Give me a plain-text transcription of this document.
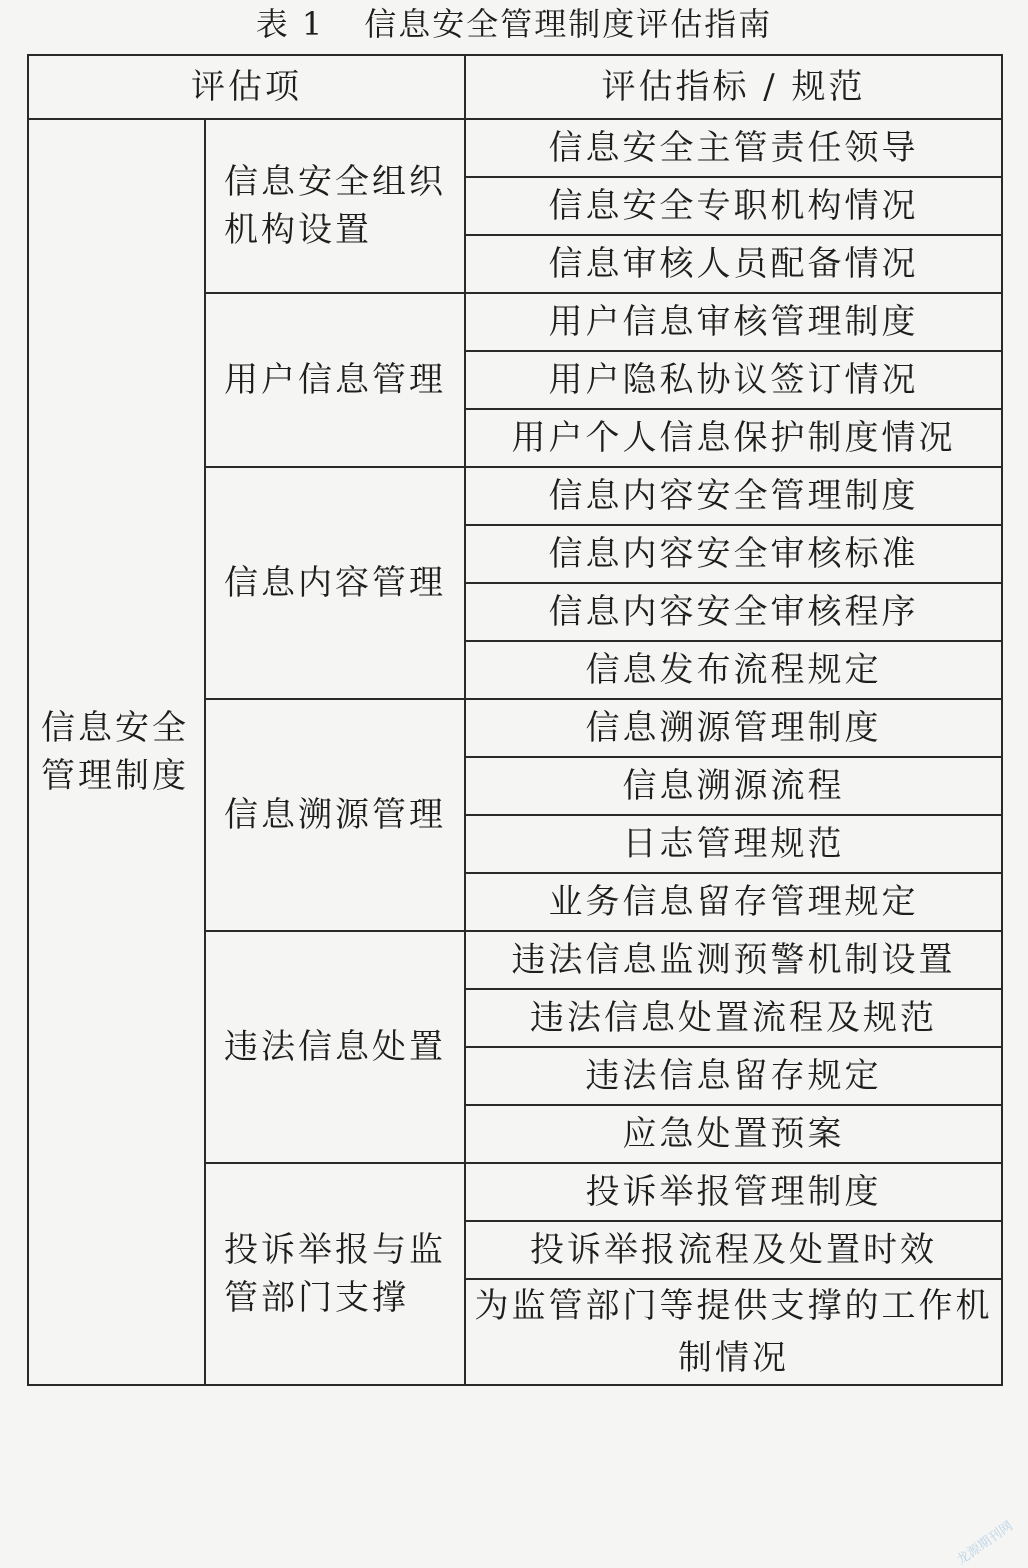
表 1 信息安全管理制度评估指南
评估项		评估指标 / 规范
信息安全管理制度	信息安全组织机构设置	信息安全主管责任领导
		信息安全专职机构情况
		信息审核人员配备情况
	用户信息管理	用户信息审核管理制度
		用户隐私协议签订情况
		用户个人信息保护制度情况
	信息内容管理	信息内容安全管理制度
		信息内容安全审核标准
		信息内容安全审核程序
		信息发布流程规定
	信息溯源管理	信息溯源管理制度
		信息溯源流程
		日志管理规范
		业务信息留存管理规定
	违法信息处置	违法信息监测预警机制设置
		违法信息处置流程及规范
		违法信息留存规定
		应急处置预案
	投诉举报与监管部门支撑	投诉举报管理制度
		投诉举报流程及处置时效
		为监管部门等提供支撑的工作机制情况
龙源期刊网
